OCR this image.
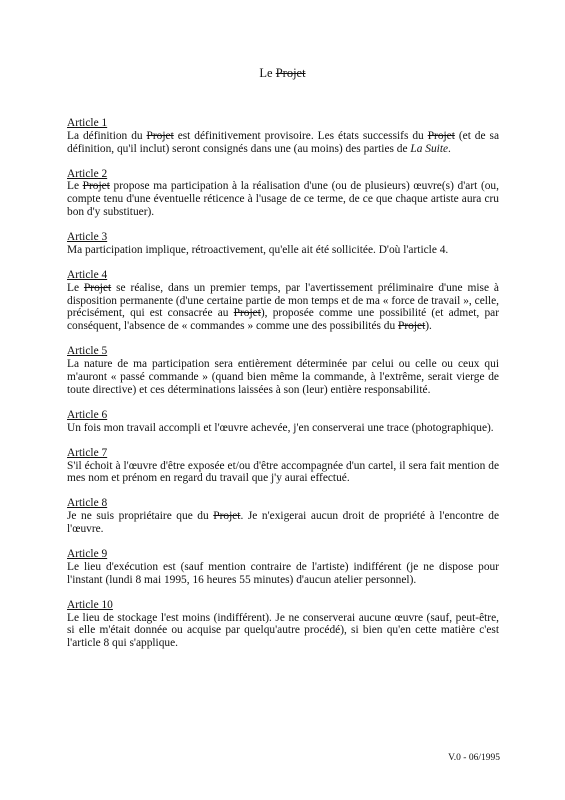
Le Projet
Article 1
La définition du Projet est définitivement provisoire. Les états successifs du Projet (et de sa définition, qu'il inclut) seront consignés dans une (au moins) des parties de La Suite.
Article 2
Le Projet propose ma participation à la réalisation d'une (ou de plusieurs) œuvre(s) d'art (ou, compte tenu d'une éventuelle réticence à l'usage de ce terme, de ce que chaque artiste aura cru bon d'y substituer).
Article 3
Ma participation implique, rétroactivement, qu'elle ait été sollicitée. D'où l'article 4.
Article 4
Le Projet se réalise, dans un premier temps, par l'avertissement préliminaire d'une mise à disposition permanente (d'une certaine partie de mon temps et de ma « force de travail », celle, précisément, qui est consacrée au Projet), proposée comme une possibilité (et admet, par conséquent, l'absence de « commandes » comme une des possibilités du Projet).
Article 5
La nature de ma participation sera entièrement déterminée par celui ou celle ou ceux qui m'auront « passé commande » (quand bien même la commande, à l'extrême, serait vierge de toute directive) et ces déterminations laissées à son (leur) entière responsabilité.
Article 6
Un fois mon travail accompli et l'œuvre achevée, j'en conserverai une trace (photographique).
Article 7
S'il échoit à l'œuvre d'être exposée et/ou d'être accompagnée d'un cartel, il sera fait mention de mes nom et prénom en regard du travail que j'y aurai effectué.
Article 8
Je ne suis propriétaire que du Projet. Je n'exigerai aucun droit de propriété à l'encontre de l'œuvre.
Article 9
Le lieu d'exécution est (sauf mention contraire de l'artiste) indifférent (je ne dispose pour l'instant (lundi 8 mai 1995, 16 heures 55 minutes) d'aucun atelier personnel).
Article 10
Le lieu de stockage l'est moins (indifférent). Je ne conserverai aucune œuvre (sauf, peut-être, si elle m'était donnée ou acquise par quelqu'autre procédé), si bien qu'en cette matière c'est l'article 8 qui s'applique.
V.0 - 06/1995
